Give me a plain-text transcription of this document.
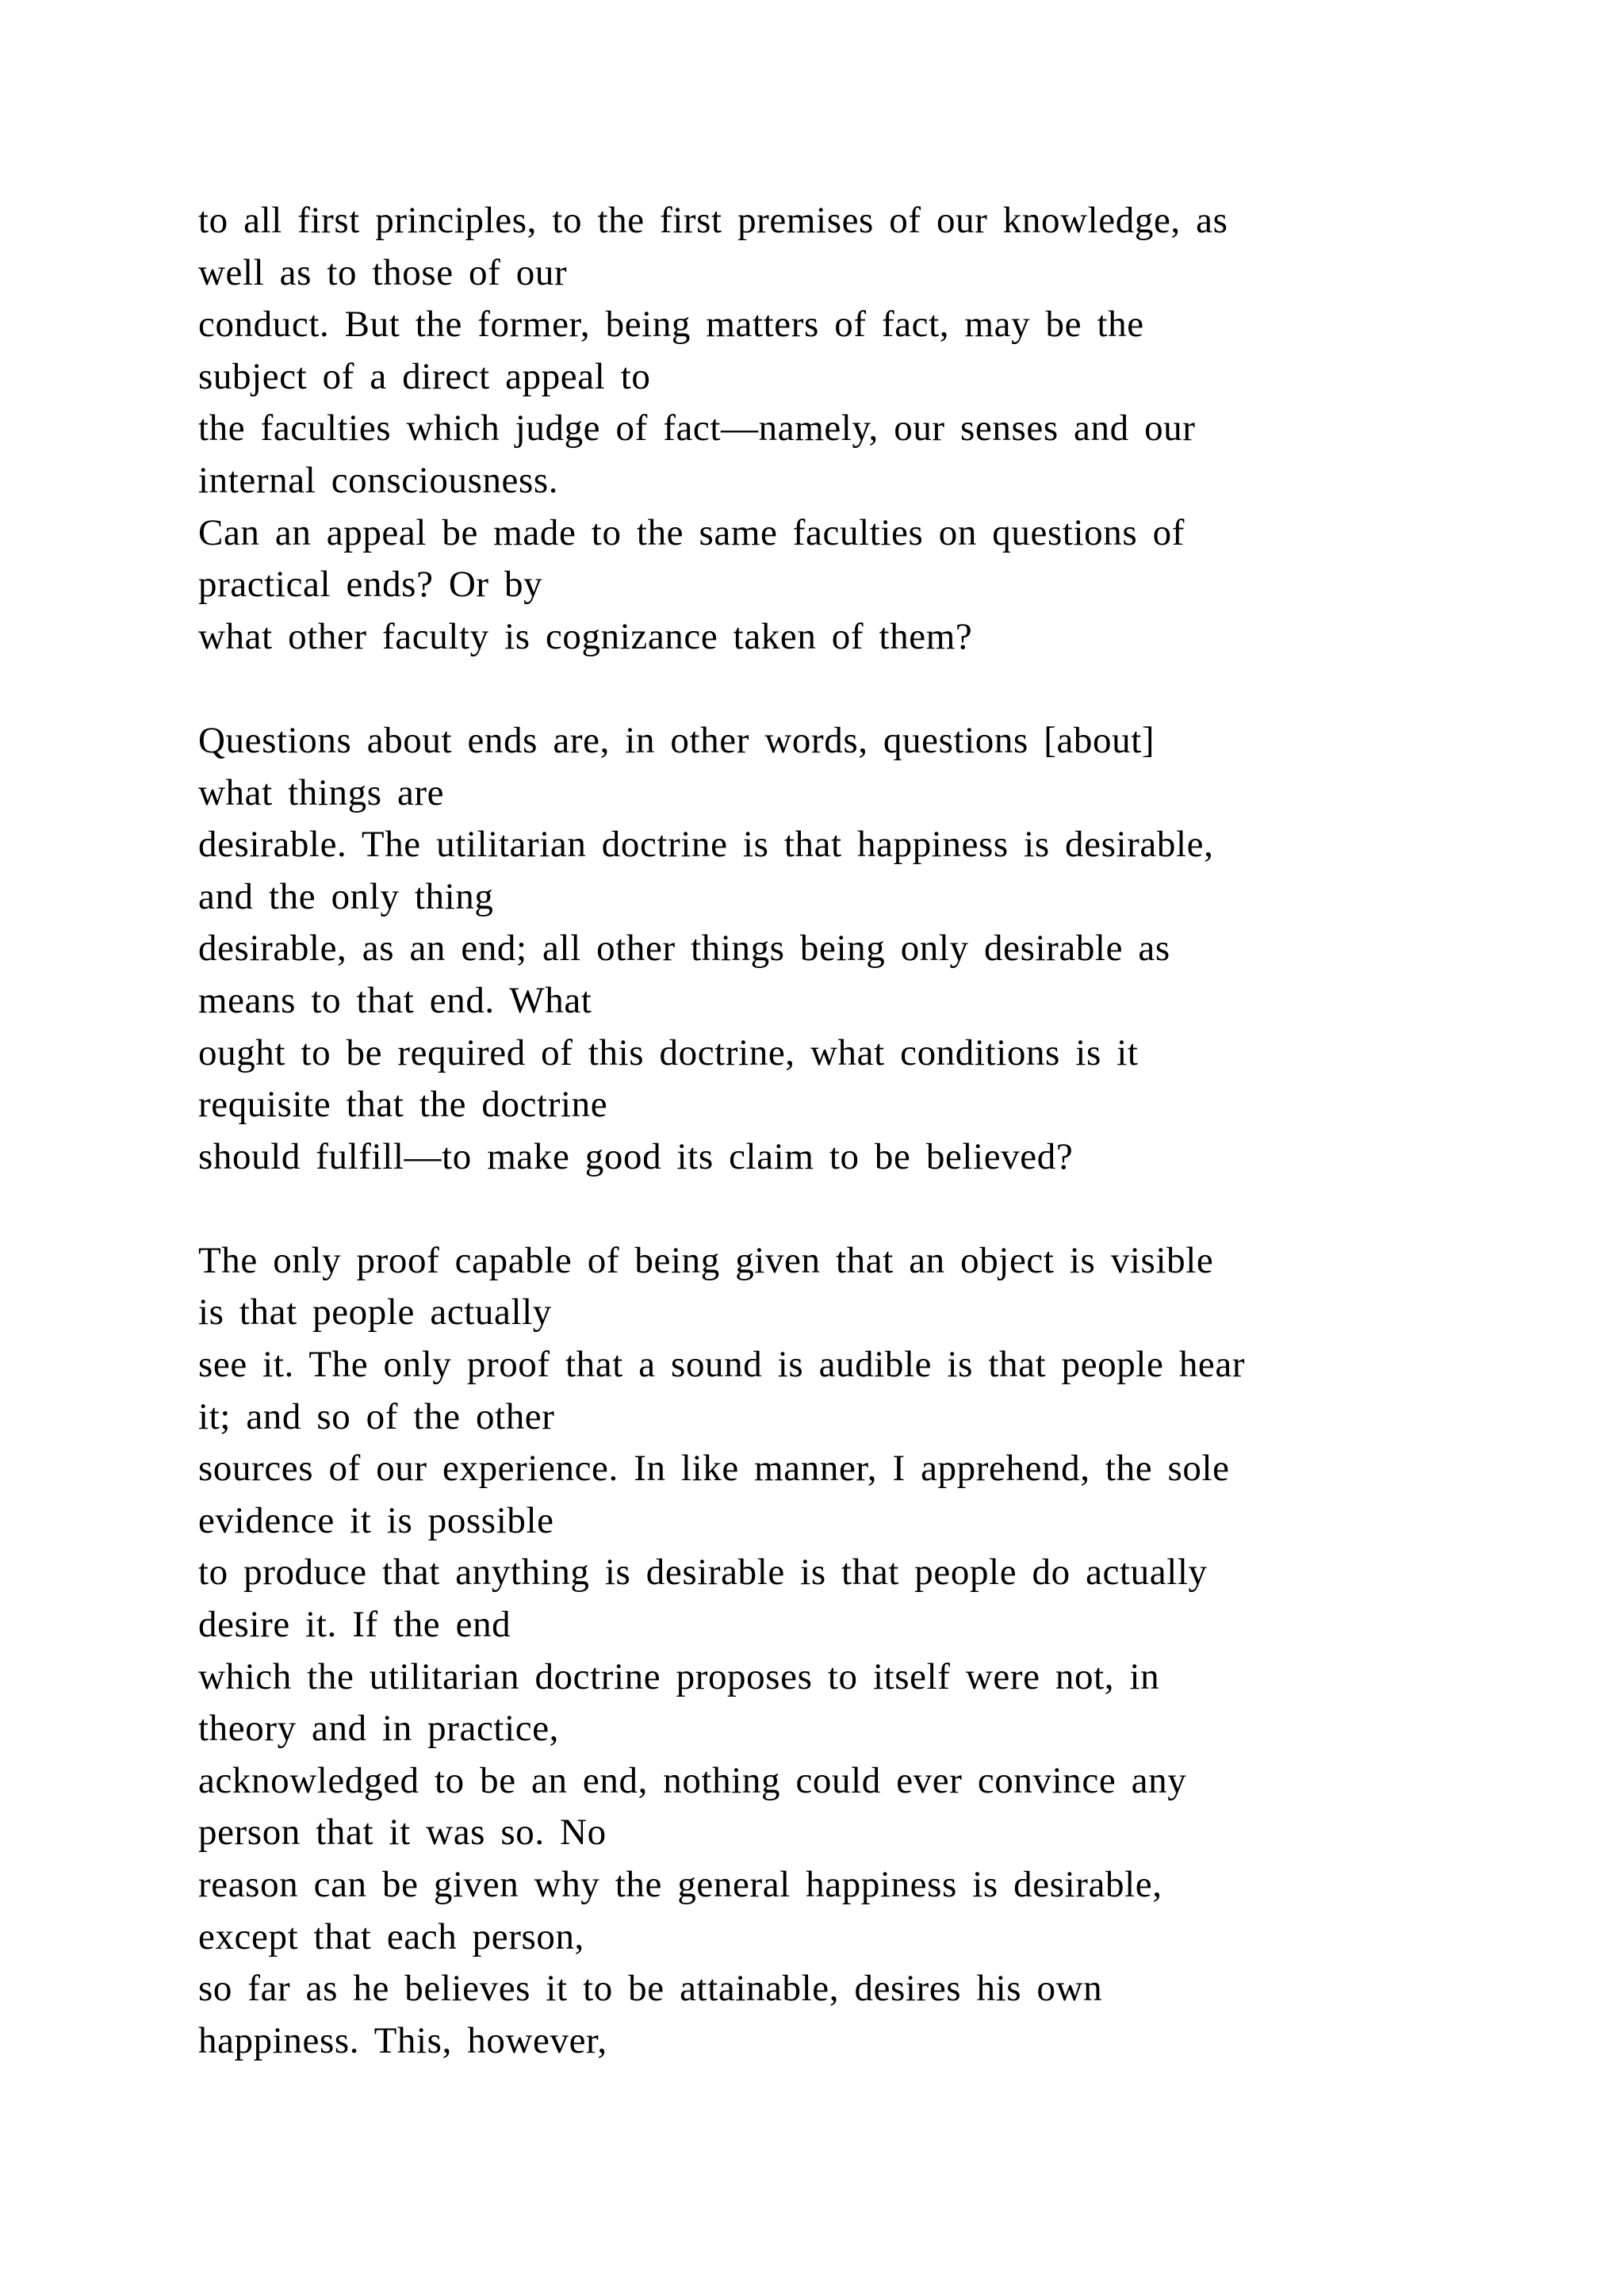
to all first principles, to the first premises of our knowledge, as
well as to those of our
conduct. But the former, being matters of fact, may be the
subject of a direct appeal to
the faculties which judge of fact—namely, our senses and our
internal consciousness.
Can an appeal be made to the same faculties on questions of
practical ends? Or by
what other faculty is cognizance taken of them?
Questions about ends are, in other words, questions [about]
what things are
desirable. The utilitarian doctrine is that happiness is desirable,
and the only thing
desirable, as an end; all other things being only desirable as
means to that end. What
ought to be required of this doctrine, what conditions is it
requisite that the doctrine
should fulfill—to make good its claim to be believed?
The only proof capable of being given that an object is visible
is that people actually
see it. The only proof that a sound is audible is that people hear
it; and so of the other
sources of our experience. In like manner, I apprehend, the sole
evidence it is possible
to produce that anything is desirable is that people do actually
desire it. If the end
which the utilitarian doctrine proposes to itself were not, in
theory and in practice,
acknowledged to be an end, nothing could ever convince any
person that it was so. No
reason can be given why the general happiness is desirable,
except that each person,
so far as he believes it to be attainable, desires his own
happiness. This, however,
